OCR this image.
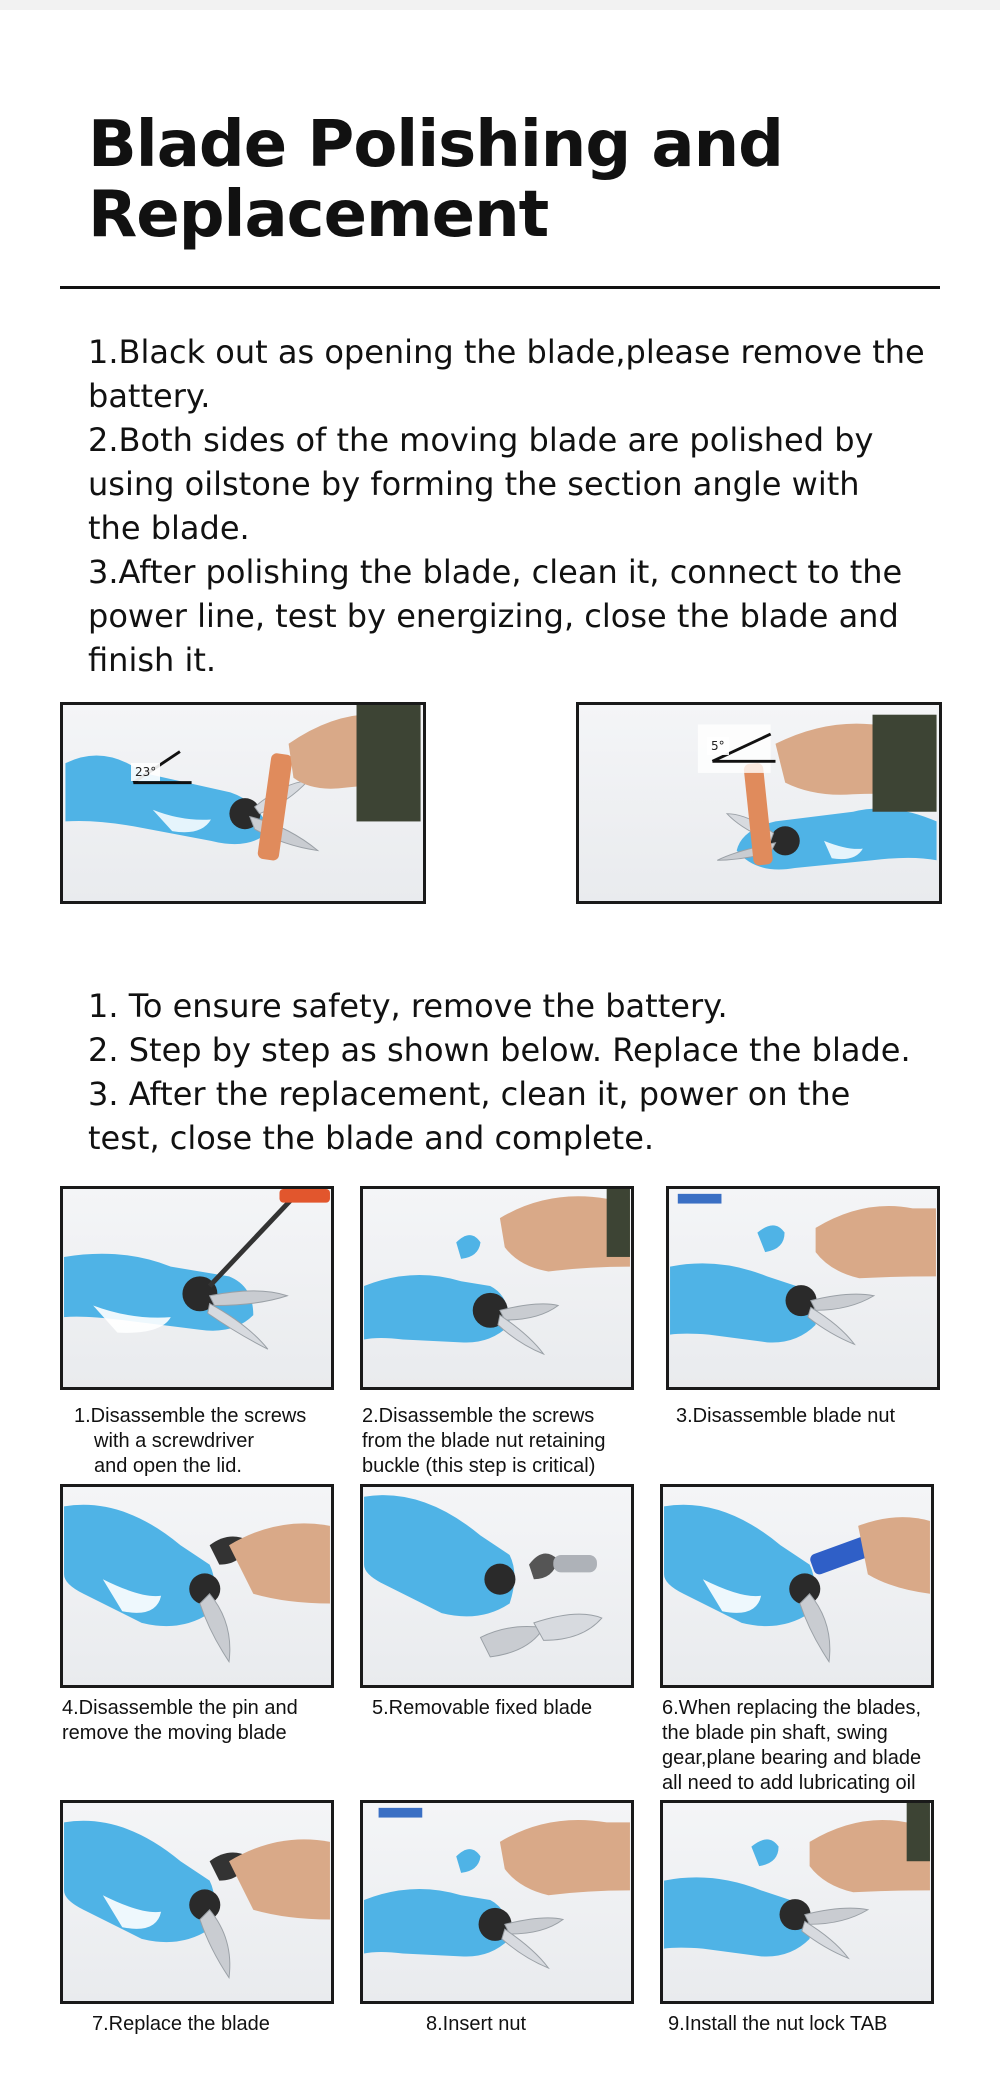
Blade Polishing and
Replacement
1.Black out as opening the blade,please remove the
battery.
2.Both sides of the moving blade are polished by
using oilstone by forming the section angle with
the blade.
3.After polishing the blade, clean it, connect to the
power line, test by energizing, close the blade and
finish it.
23°
5°
1. To ensure safety, remove the battery.
2. Step by step as shown below. Replace the blade.
3. After the replacement, clean it, power on the
test, close the blade and complete.

1.Disassemble the screws
with a screwdriver
and open the lid.

2.Disassemble the screws
from the blade nut retaining
buckle (this step is critical)

3.Disassemble blade nut

4.Disassemble the pin and
remove the moving blade

5.Removable fixed blade	6.When replacing the blades,
the blade pin shaft, swing
gear,plane bearing and blade
all need to add lubricating oil

7.Replace the blade	8.Insert nut	9.Install the nut lock TAB
